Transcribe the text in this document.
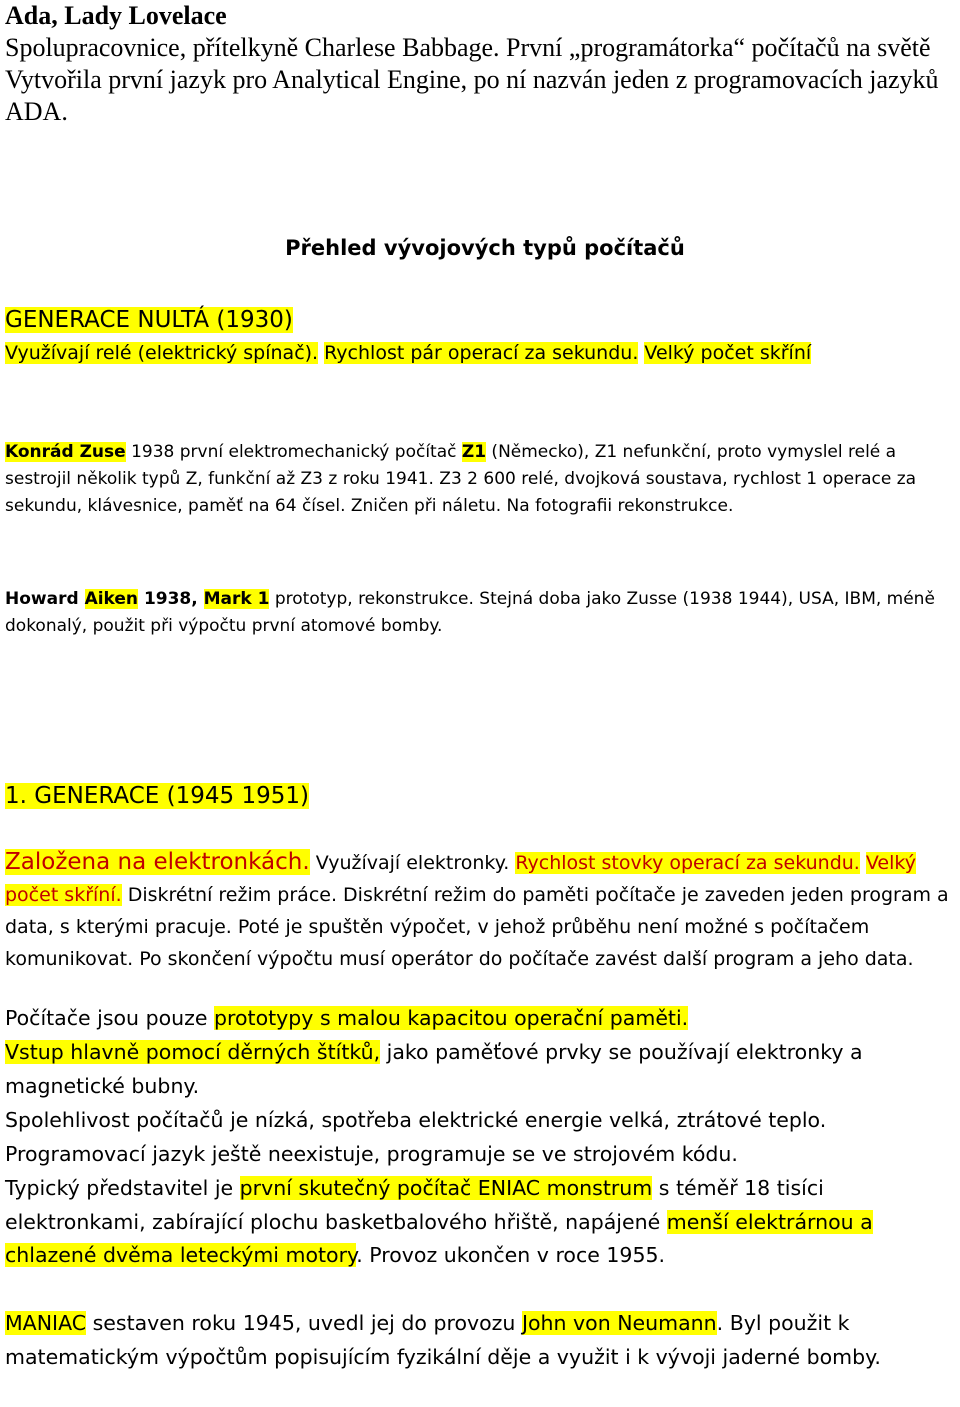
Ada, Lady Lovelace
Spolupracovnice, přítelkyně Charlese Babbage. První „programátorka“ počítačů na světě
Vytvořila první jazyk pro Analytical Engine, po ní nazván jeden z programovacích jazyků ADA.
Přehled vývojových typů počítačů
GENERACE NULTÁ (1930)
Využívají relé (elektrický spínač). Rychlost pár operací za sekundu. Velký počet skříní

Konrád Zuse 1938 první elektromechanický počítač Z1 (Německo), Z1 nefunkční, proto vymyslel relé a sestrojil několik typů Z, funkční až Z3 z roku 1941. Z3 2 600 relé, dvojková soustava, rychlost 1 operace za sekundu, klávesnice, paměť na 64 čísel. Zničen při náletu. Na fotografii rekonstrukce.

Howard Aiken 1938, Mark 1 prototyp, rekonstrukce. Stejná doba jako Zusse (1938 1944), USA, IBM, méně dokonalý, použit při výpočtu první atomové bomby.

1. GENERACE (1945 1951)

Založena na elektronkách. Využívají elektronky. Rychlost stovky operací za sekundu. Velký počet skříní. Diskrétní režim práce. Diskrétní režim do paměti počítače je zaveden jeden program a data, s kterými pracuje. Poté je spuštěn výpočet, v jehož průběhu není možné s počítačem komunikovat. Po skončení výpočtu musí operátor do počítače zavést další program a jeho data.

Počítače jsou pouze prototypy s malou kapacitou operační paměti.

Vstup hlavně pomocí děrných štítků, jako paměťové prvky se používají elektronky a magnetické bubny.

Spolehlivost počítačů je nízká, spotřeba elektrické energie velká, ztrátové teplo.

Programovací jazyk ještě neexistuje, programuje se ve strojovém kódu.

Typický představitel je první skutečný počítač ENIAC monstrum s téměř 18 tisíci elektronkami, zabírající plochu basketbalového hřiště, napájené menší elektrárnou a chlazené dvěma leteckými motory. Provoz ukončen v roce 1955.

MANIAC sestaven roku 1945, uvedl jej do provozu John von Neumann. Byl použit k matematickým výpočtům popisujícím fyzikální děje a využit i k vývoji jaderné bomby.
